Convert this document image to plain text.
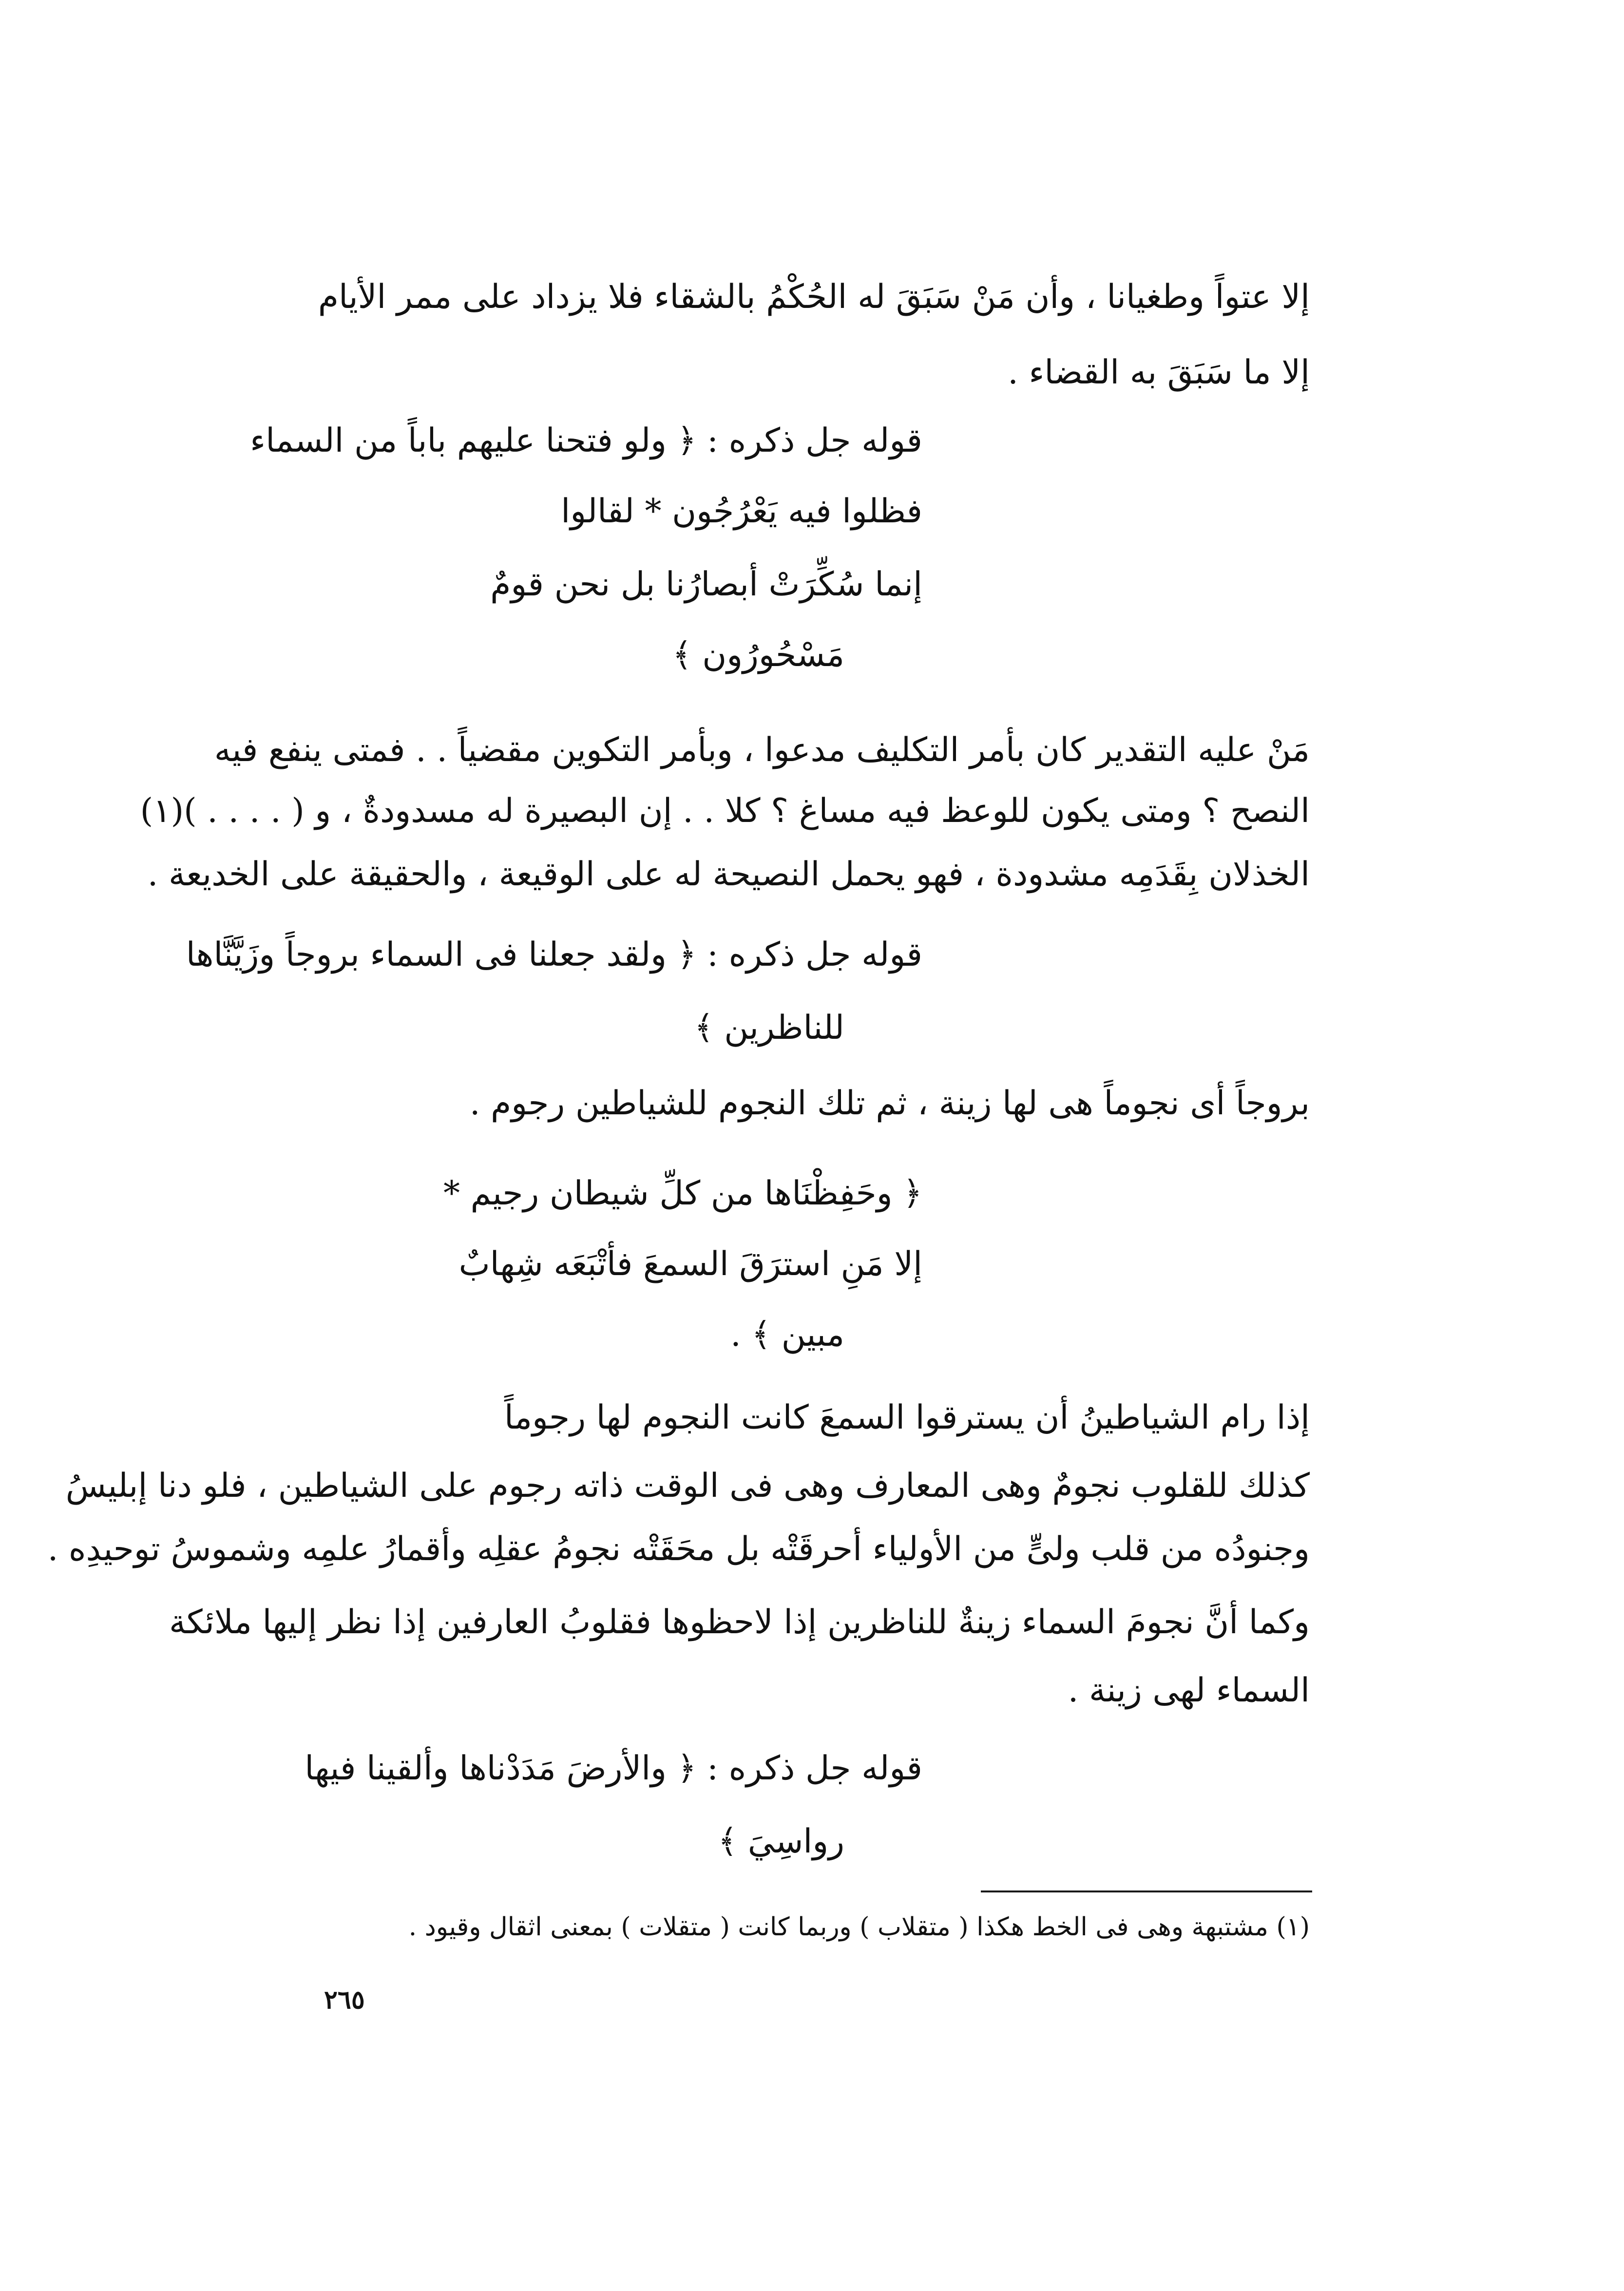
إلا عتواً وطغيانا ، وأن مَنْ سَبَقَ له الحُكْمُ بالشقاء فلا يزداد على ممر الأيام
إلا ما سَبَقَ به القضاء .
قوله جل ذكره : ﴿ ولو فتحنا عليهم باباً من السماء
فظلوا فيه يَعْرُجُون * لقالوا
إنما سُكِّرَتْ أبصارُنا بل نحن قومٌ
مَسْحُورُون ﴾
مَنْ عليه التقدير كان بأمر التكليف مدعوا ، وبأمر التكوين مقضياً . . فمتى ينفع فيه
النصح ؟ ومتى يكون للوعظ فيه مساغ ؟ كلا . . إن البصيرة له مسدودةٌ ، و ( . . . . )(١)
الخذلان بِقَدَمِه مشدودة ، فهو يحمل النصيحة له على الوقيعة ، والحقيقة على الخديعة .
قوله جل ذكره : ﴿ ولقد جعلنا فى السماء بروجاً وزَيَّنَّاها
للناظرين ﴾
بروجاً أى نجوماً هى لها زينة ، ثم تلك النجوم للشياطين رجوم .
﴿ وحَفِظْنَاها من كلِّ شيطان رجيم *
إلا مَنِ استرَقَ السمعَ فأتْبَعَه شِهابٌ
مبين ﴾ .
إذا رام الشياطينُ أن يسترقوا السمعَ كانت النجوم لها رجوماً
كذلك للقلوب نجومٌ وهى المعارف وهى فى الوقت ذاته رجوم على الشياطين ، فلو دنا إبليسُ
وجنودُه من قلب ولىٍّ من الأولياء أحرقَتْه بل محَقَتْه نجومُ عقلِه وأقمارُ علمِه وشموسُ توحيدِه .
وكما أنَّ نجومَ السماء زينةٌ للناظرين إذا لاحظوها فقلوبُ العارفين إذا نظر إليها ملائكة
السماء لهى زينة .
قوله جل ذكره : ﴿ والأرضَ مَدَدْناها وألقينا فيها
رواسِيَ ﴾
(١) مشتبهة وهى فى الخط هكذا ( متقلاب ) وربما كانت ( متقلات ) بمعنى اثقال وقيود .
٢٦٥
